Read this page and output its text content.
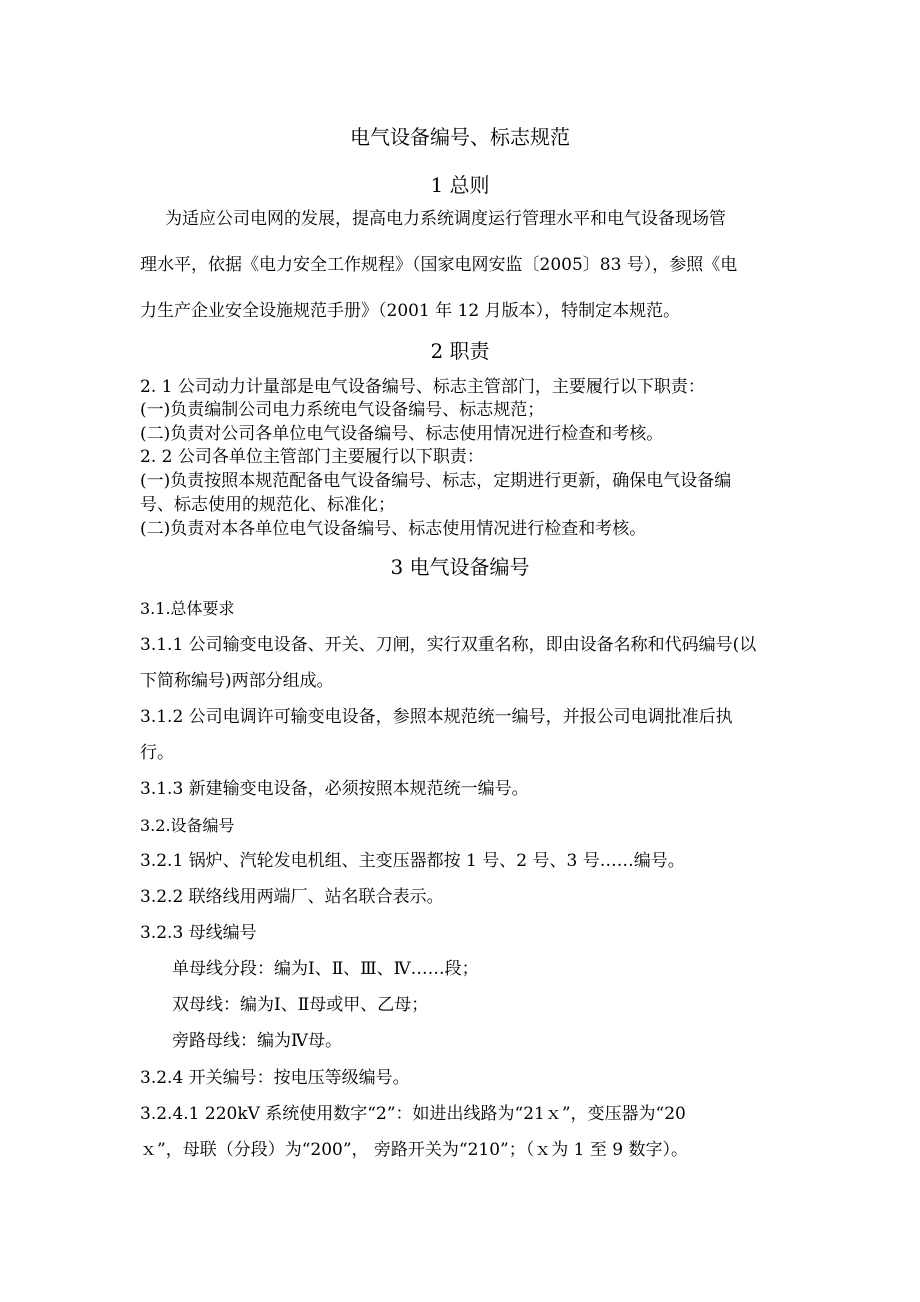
电气设备编号、标志规范

1 总则

　为适应公司电网的发展，提高电力系统调度运行管理水平和电气设备现场管

理水平，依据《电力安全工作规程》（国家电网安监〔2005〕83 号），参照《电

力生产企业安全设施规范手册》（2001 年 12 月版本），特制定本规范。

2 职责

2. 1 公司动力计量部是电气设备编号、标志主管部门，主要履行以下职责：

(一)负责编制公司电力系统电气设备编号、标志规范；

(二)负责对公司各单位电气设备编号、标志使用情况进行检查和考核。

2. 2 公司各单位主管部门主要履行以下职责：

(一)负责按照本规范配备电气设备编号、标志，定期进行更新，确保电气设备编

号、标志使用的规范化、标准化；

(二)负责对本各单位电气设备编号、标志使用情况进行检查和考核。

3 电气设备编号

3.1.总体要求

3.1.1 公司输变电设备、开关、刀闸，实行双重名称，即由设备名称和代码编号(以

下简称编号)两部分组成。

3.1.2 公司电调许可输变电设备，参照本规范统一编号，并报公司电调批准后执

行。

3.1.3 新建输变电设备，必须按照本规范统一编号。

3.2.设备编号

3.2.1 锅炉、汽轮发电机组、主变压器都按 1 号、2 号、3 号……编号。

3.2.2 联络线用两端厂、站名联合表示。

3.2.3 母线编号

单母线分段：编为Ⅰ、Ⅱ、Ⅲ、Ⅳ……段；

双母线：编为Ⅰ、Ⅱ母或甲、乙母；

旁路母线：编为Ⅳ母。

3.2.4 开关编号：按电压等级编号。

3.2.4.1 220kV 系统使用数字“2”：如进出线路为“21ｘ”，变压器为“20

ｘ”，母联（分段）为“200”， 旁路开关为“210”；（ｘ为 1 至 9 数字）。
